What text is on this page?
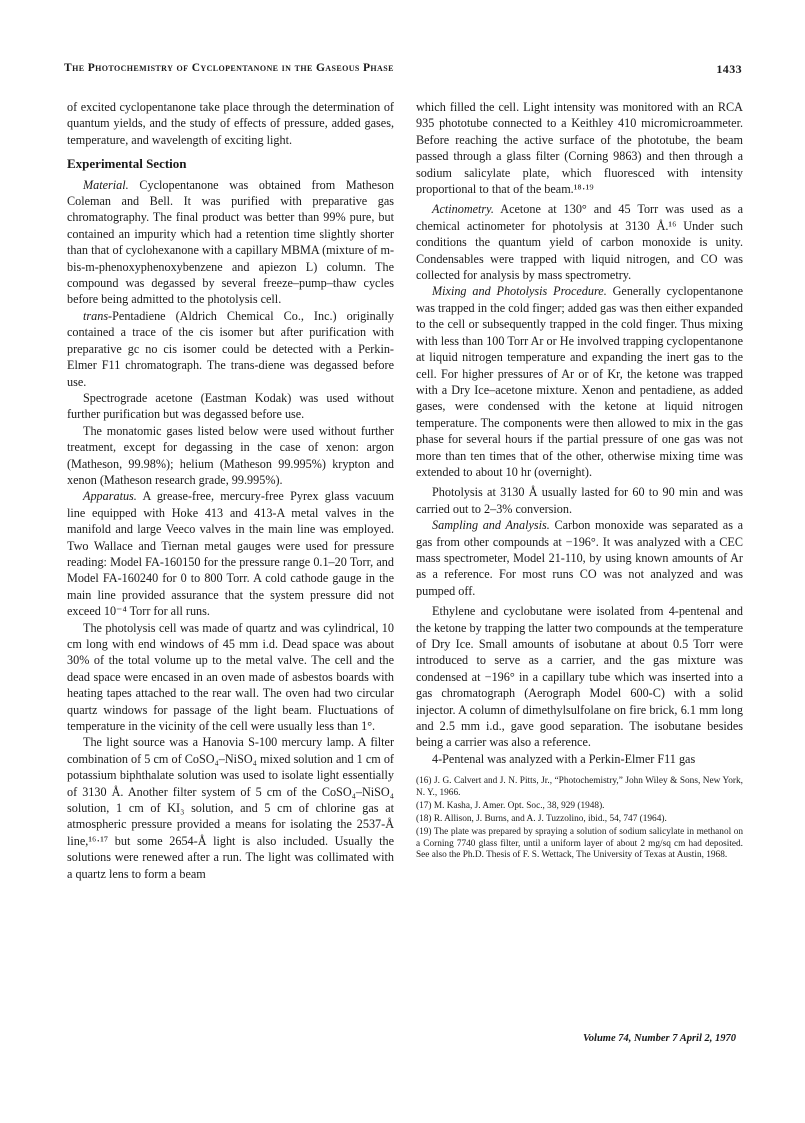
The Photochemistry of Cyclopentanone in the Gaseous Phase	1433

of excited cyclopentanone take place through the determination of quantum yields, and the study of effects of pressure, added gases, temperature, and wavelength of exciting light.

Experimental Section

Material. Cyclopentanone was obtained from Matheson Coleman and Bell. It was purified with preparative gas chromatography. The final product was better than 99% pure, but contained an impurity which had a retention time slightly shorter than that of cyclohexanone with a capillary MBMA (mixture of m-bis-m-phenoxyphenoxybenzene and apiezon L) column. The compound was degassed by several freeze–pump–thaw cycles before being admitted to the photolysis cell.

trans-Pentadiene (Aldrich Chemical Co., Inc.) originally contained a trace of the cis isomer but after purification with preparative gc no cis isomer could be detected with a Perkin-Elmer F11 chromatograph. The trans-diene was degassed before use.

Spectrograde acetone (Eastman Kodak) was used without further purification but was degassed before use.

The monatomic gases listed below were used without further treatment, except for degassing in the case of xenon: argon (Matheson, 99.98%); helium (Matheson 99.995%) krypton and xenon (Matheson research grade, 99.995%).

Apparatus. A grease-free, mercury-free Pyrex glass vacuum line equipped with Hoke 413 and 413-A metal valves in the manifold and large Veeco valves in the main line was employed. Two Wallace and Tiernan metal gauges were used for pressure reading: Model FA-160150 for the pressure range 0.1–20 Torr, and Model FA-160240 for 0 to 800 Torr. A cold cathode gauge in the main line provided assurance that the system pressure did not exceed 10⁻⁴ Torr for all runs.

The photolysis cell was made of quartz and was cylindrical, 10 cm long with end windows of 45 mm i.d. Dead space was about 30% of the total volume up to the metal valve. The cell and the dead space were encased in an oven made of asbestos boards with heating tapes attached to the rear wall. The oven had two circular quartz windows for passage of the light beam. Fluctuations of temperature in the vicinity of the cell were usually less than 1°.

The light source was a Hanovia S-100 mercury lamp. A filter combination of 5 cm of CoSO₄–NiSO₄ mixed solution and 1 cm of potassium biphthalate solution was used to isolate light essentially of 3130 Å. Another filter system of 5 cm of the CoSO₄–NiSO₄ solution, 1 cm of KI₃ solution, and 5 cm of chlorine gas at atmospheric pressure provided a means for isolating the 2537-Å line,¹⁶·¹⁷ but some 2654-Å light is also included. Usually the solutions were renewed after a run. The light was collimated with a quartz lens to form a beam

which filled the cell. Light intensity was monitored with an RCA 935 phototube connected to a Keithley 410 micromicroammeter. Before reaching the active surface of the phototube, the beam passed through a glass filter (Corning 9863) and then through a sodium salicylate plate, which fluoresced with intensity proportional to that of the beam.¹⁸·¹⁹

Actinometry. Acetone at 130° and 45 Torr was used as a chemical actinometer for photolysis at 3130 Å.¹⁶ Under such conditions the quantum yield of carbon monoxide is unity. Condensables were trapped with liquid nitrogen, and CO was collected for analysis by mass spectrometry.

Mixing and Photolysis Procedure. Generally cyclopentanone was trapped in the cold finger; added gas was then either expanded to the cell or subsequently trapped in the cold finger. Thus mixing with less than 100 Torr Ar or He involved trapping cyclopentanone at liquid nitrogen temperature and expanding the inert gas to the cell. For higher pressures of Ar or of Kr, the ketone was trapped with a Dry Ice–acetone mixture. Xenon and pentadiene, as added gases, were condensed with the ketone at liquid nitrogen temperature. The components were then allowed to mix in the gas phase for several hours if the partial pressure of one gas was not more than ten times that of the other, otherwise mixing time was extended to about 10 hr (overnight).

Photolysis at 3130 Å usually lasted for 60 to 90 min and was carried out to 2–3% conversion.

Sampling and Analysis. Carbon monoxide was separated as a gas from other compounds at −196°. It was analyzed with a CEC mass spectrometer, Model 21-110, by using known amounts of Ar as a reference. For most runs CO was not analyzed and was pumped off.

Ethylene and cyclobutane were isolated from 4-pentenal and the ketone by trapping the latter two compounds at the temperature of Dry Ice. Small amounts of isobutane at about 0.5 Torr were introduced to serve as a carrier, and the gas mixture was condensed at −196° in a capillary tube which was inserted into a gas chromatograph (Aerograph Model 600-C) with a solid injector. A column of dimethylsulfolane on fire brick, 6.1 mm long and 2.5 mm i.d., gave good separation. The isobutane besides being a carrier was also a reference.

4-Pentenal was analyzed with a Perkin-Elmer F11 gas

(16) J. G. Calvert and J. N. Pitts, Jr., “Photochemistry,” John Wiley & Sons, New York, N. Y., 1966.

(17) M. Kasha, J. Amer. Opt. Soc., 38, 929 (1948).

(18) R. Allison, J. Burns, and A. J. Tuzzolino, ibid., 54, 747 (1964).

(19) The plate was prepared by spraying a solution of sodium salicylate in methanol on a Corning 7740 glass filter, until a uniform layer of about 2 mg/sq cm had deposited. See also the Ph.D. Thesis of F. S. Wettack, The University of Texas at Austin, 1968.

Volume 74, Number 7 April 2, 1970
